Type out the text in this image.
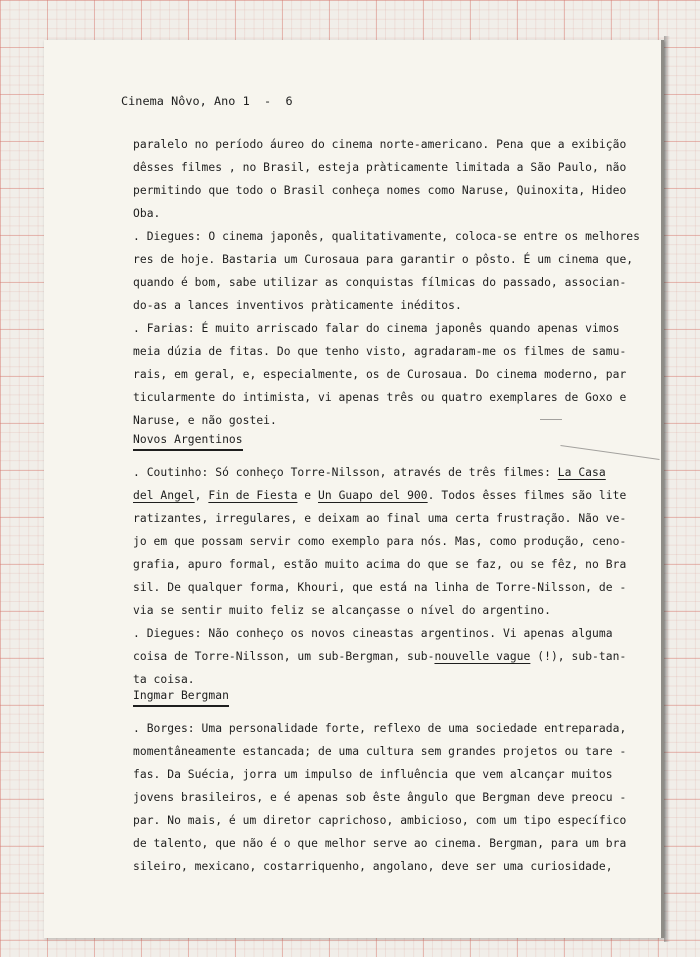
Cinema Nôvo, Ano 1  -  6
paralelo no período áureo do cinema norte-americano. Pena que a exibição
dêsses filmes , no Brasil, esteja pràticamente limitada a São Paulo, não
permitindo que todo o Brasil conheça nomes como Naruse, Quinoxita, Hideo
Oba.
. Diegues: O cinema japonês, qualitativamente, coloca-se entre os melhores
res de hoje. Bastaria um Curosaua para garantir o pôsto. É um cinema que,
quando é bom, sabe utilizar as conquistas fílmicas do passado, associan-
do-as a lances inventivos pràticamente inéditos.
. Farias: É muito arriscado falar do cinema japonês quando apenas vimos
meia dúzia de fitas. Do que tenho visto, agradaram-me os filmes de samu-
rais, em geral, e, especialmente, os de Curosaua. Do cinema moderno, par
ticularmente do intimista, vi apenas três ou quatro exemplares de Goxo e
Naruse, e não gostei.
Novos Argentinos
. Coutinho: Só conheço Torre-Nilsson, através de três filmes: La Casa
del Angel, Fin de Fiesta e Un Guapo del 900. Todos êsses filmes são lite
ratizantes, irregulares, e deixam ao final uma certa frustração. Não ve-
jo em que possam servir como exemplo para nós. Mas, como produção, ceno-
grafia, apuro formal, estão muito acima do que se faz, ou se fêz, no Bra
sil. De qualquer forma, Khouri, que está na linha de Torre-Nilsson, de -
via se sentir muito feliz se alcançasse o nível do argentino.
. Diegues: Não conheço os novos cineastas argentinos. Vi apenas alguma
coisa de Torre-Nilsson, um sub-Bergman, sub-nouvelle vague (!), sub-tan-
ta coisa.
Ingmar Bergman
. Borges: Uma personalidade forte, reflexo de uma sociedade entreparada,
momentâneamente estancada; de uma cultura sem grandes projetos ou tare -
fas. Da Suécia, jorra um impulso de influência que vem alcançar muitos
jovens brasileiros, e é apenas sob êste ângulo que Bergman deve preocu -
par. No mais, é um diretor caprichoso, ambicioso, com um tipo específico
de talento, que não é o que melhor serve ao cinema. Bergman, para um bra
sileiro, mexicano, costarriquenho, angolano, deve ser uma curiosidade,
